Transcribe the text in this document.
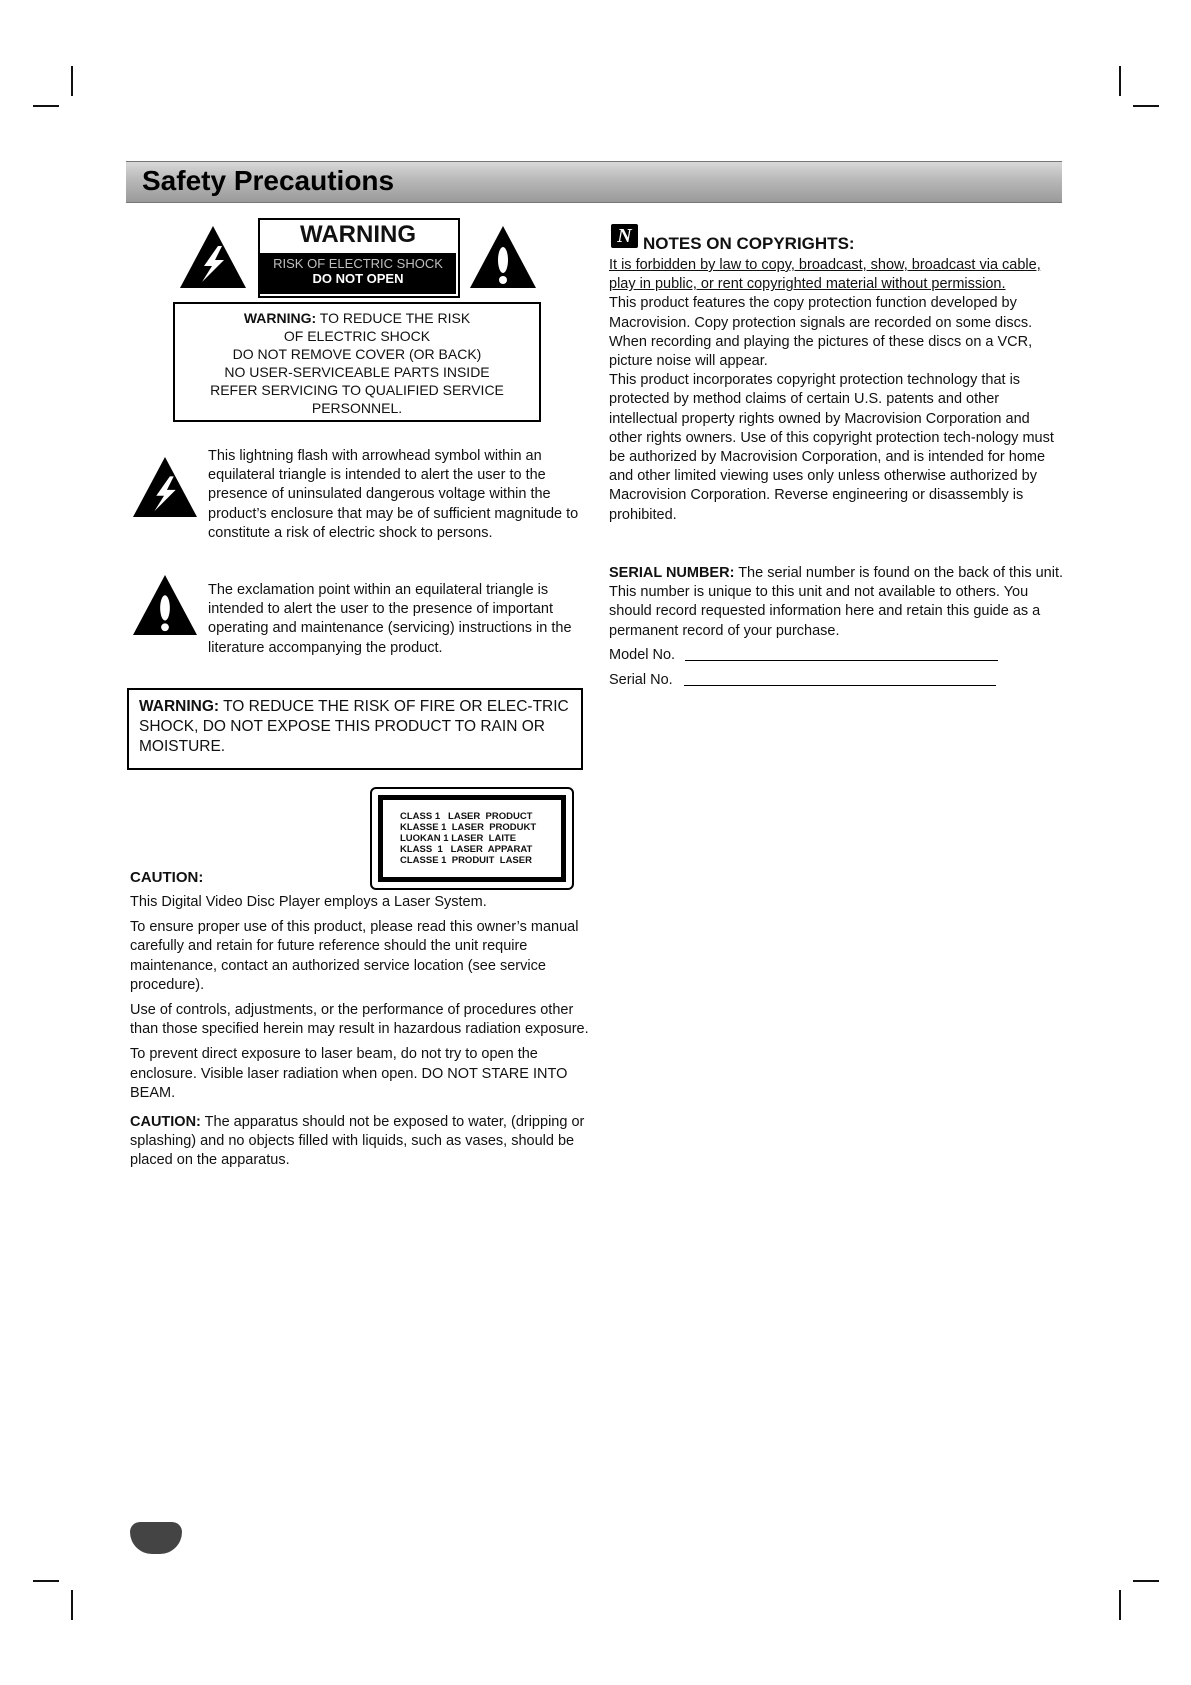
Safety Precautions
WARNING
RISK OF ELECTRIC SHOCK
DO NOT OPEN
WARNING: TO REDUCE THE RISK
OF ELECTRIC SHOCK
DO NOT REMOVE COVER (OR BACK)
NO USER-SERVICEABLE PARTS INSIDE
REFER SERVICING TO QUALIFIED SERVICE
PERSONNEL.
This lightning flash with arrowhead symbol within an equilateral triangle is intended to alert the user to the presence of uninsulated dangerous voltage within the product’s enclosure that may be of sufficient magnitude to constitute a risk of electric shock to persons.
The exclamation point within an equilateral triangle is intended to alert the user to the presence of important operating and maintenance (servicing) instructions in the literature accompanying the product.
WARNING: TO REDUCE THE RISK OF FIRE OR ELEC-TRIC SHOCK, DO NOT EXPOSE THIS PRODUCT TO RAIN OR MOISTURE.
CLASS 1   LASER  PRODUCT
KLASSE 1  LASER  PRODUKT
LUOKAN 1 LASER  LAITE
KLASS  1   LASER  APPARAT
CLASSE 1  PRODUIT  LASER
CAUTION:

This Digital Video Disc Player employs a Laser System.

To ensure proper use of this product, please read this owner’s manual carefully and retain for future reference should the unit require maintenance, contact an authorized service location (see service procedure).

Use of controls, adjustments, or the performance of procedures other than those specified herein may result in hazardous radiation exposure.

To prevent direct exposure to laser beam, do not try to open the enclosure. Visible laser radiation when open. DO NOT STARE INTO BEAM.

CAUTION: The apparatus should not be exposed to water, (dripping or splashing) and no objects filled with liquids, such as vases, should be placed on the apparatus.

N NOTES ON COPYRIGHTS:

It is forbidden by law to copy, broadcast, show, broadcast via cable, play in public, or rent copyrighted material without permission.

This product features the copy protection function developed by Macrovision. Copy protection signals are recorded on some discs. When recording and playing the pictures of these discs on a VCR, picture noise will appear.

This product incorporates copyright protection technology that is protected by method claims of certain U.S. patents and other intellectual property rights owned by Macrovision Corporation and other rights owners. Use of this copyright protection tech-nology must be authorized by Macrovision Corporation, and is intended for home and other limited viewing uses only unless otherwise authorized by Macrovision Corporation. Reverse engineering or disassembly is prohibited.

SERIAL NUMBER: The serial number is found on the back of this unit. This number is unique to this unit and not available to others. You should record requested information here and retain this guide as a permanent record of your purchase.
Model No.
Serial No.
